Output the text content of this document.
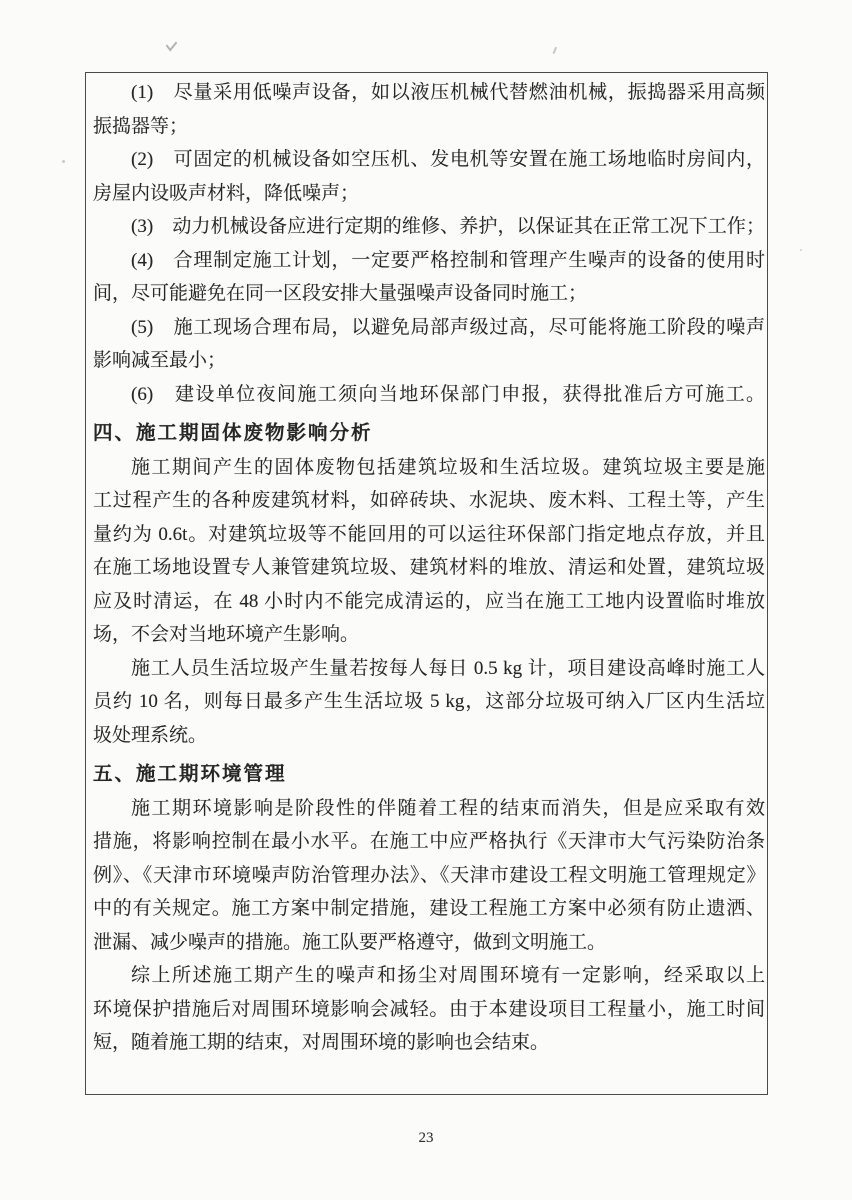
(1)　尽量采用低噪声设备，如以液压机械代替燃油机械，振捣器采用高频
振捣器等；
(2)　可固定的机械设备如空压机、发电机等安置在施工场地临时房间内，
房屋内设吸声材料，降低噪声；
(3)　动力机械设备应进行定期的维修、养护，以保证其在正常工况下工作；
(4)　合理制定施工计划，一定要严格控制和管理产生噪声的设备的使用时
间，尽可能避免在同一区段安排大量强噪声设备同时施工；
(5)　施工现场合理布局，以避免局部声级过高，尽可能将施工阶段的噪声
影响减至最小；
(6)　建设单位夜间施工须向当地环保部门申报，获得批准后方可施工。
四、施工期固体废物影响分析
施工期间产生的固体废物包括建筑垃圾和生活垃圾。建筑垃圾主要是施
工过程产生的各种废建筑材料，如碎砖块、水泥块、废木料、工程土等，产生
量约为 0.6t。对建筑垃圾等不能回用的可以运往环保部门指定地点存放，并且
在施工场地设置专人兼管建筑垃圾、建筑材料的堆放、清运和处置，建筑垃圾
应及时清运，在 48 小时内不能完成清运的，应当在施工工地内设置临时堆放
场，不会对当地环境产生影响。
施工人员生活垃圾产生量若按每人每日 0.5 kg 计，项目建设高峰时施工人
员约 10 名，则每日最多产生生活垃圾 5 kg，这部分垃圾可纳入厂区内生活垃
圾处理系统。
五、施工期环境管理
施工期环境影响是阶段性的伴随着工程的结束而消失，但是应采取有效
措施，将影响控制在最小水平。在施工中应严格执行《天津市大气污染防治条
例》、《天津市环境噪声防治管理办法》、《天津市建设工程文明施工管理规定》
中的有关规定。施工方案中制定措施，建设工程施工方案中必须有防止遗洒、
泄漏、减少噪声的措施。施工队要严格遵守，做到文明施工。
综上所述施工期产生的噪声和扬尘对周围环境有一定影响，经采取以上
环境保护措施后对周围环境影响会减轻。由于本建设项目工程量小，施工时间
短，随着施工期的结束，对周围环境的影响也会结束。
23
